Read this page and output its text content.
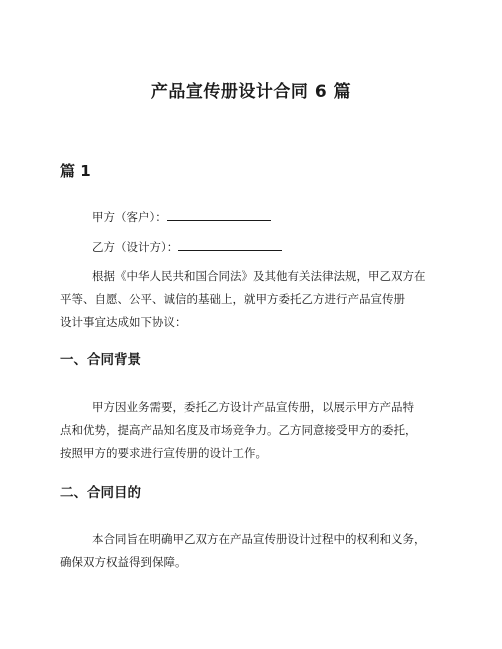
产品宣传册设计合同 6 篇
篇 1
甲方（客户）：
乙方（设计方）：
根据《中华人民共和国合同法》及其他有关法律法规，甲乙双方在
平等、自愿、公平、诚信的基础上，就甲方委托乙方进行产品宣传册
设计事宜达成如下协议：
一、合同背景
甲方因业务需要，委托乙方设计产品宣传册，以展示甲方产品特
点和优势，提高产品知名度及市场竞争力。乙方同意接受甲方的委托，
按照甲方的要求进行宣传册的设计工作。
二、合同目的
本合同旨在明确甲乙双方在产品宣传册设计过程中的权利和义务，
确保双方权益得到保障。
